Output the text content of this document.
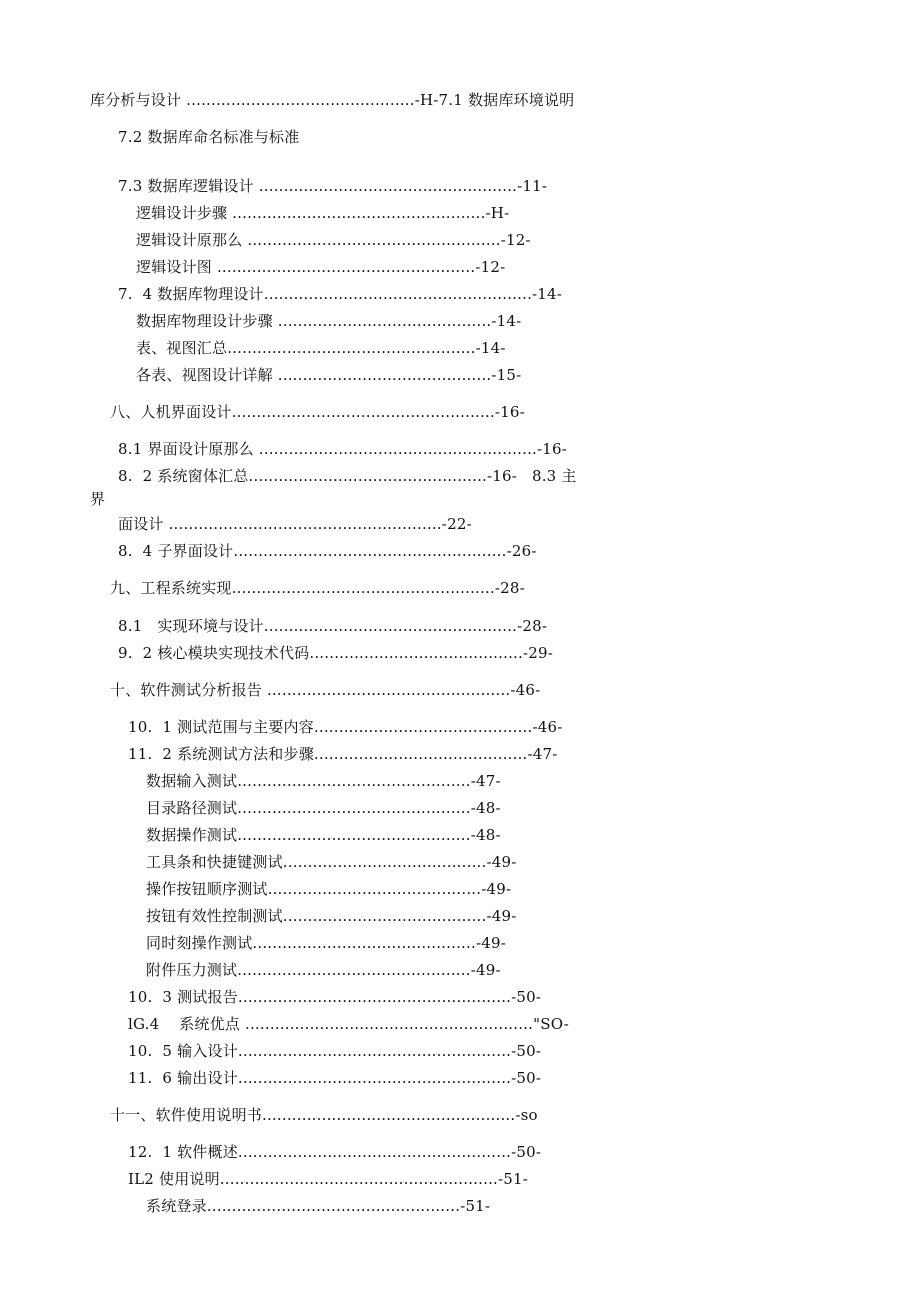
库分析与设计 ..............................................-H-7.1 数据库环境说明
7.2 数据库命名标准与标准
7.3 数据库逻辑设计 ....................................................-11-
逻辑设计步骤 ...................................................-H-
逻辑设计原那么 ...................................................-12-
逻辑设计图 ....................................................-12-
7.  4 数据库物理设计......................................................-14-
数据库物理设计步骤 ...........................................-14-
表、视图汇总..................................................-14-
各表、视图设计详解 ...........................................-15-
八、人机界面设计.....................................................-16-
8.1 界面设计原那么 ........................................................-16-
8.  2 系统窗体汇总................................................-16-   8.3 主
界
面设计 .......................................................-22-
8.  4 子界面设计.......................................................-26-
九、工程系统实现.....................................................-28-
8.1   实现环境与设计...................................................-28-
9.  2 核心模块实现技术代码...........................................-29-
十、软件测试分析报告 .................................................-46-
10.  1 测试范围与主要内容............................................-46-
11.  2 系统测试方法和步骤...........................................-47-
数据输入测试...............................................-47-
目录路径测试...............................................-48-
数据操作测试...............................................-48-
工具条和快捷键测试.........................................-49-
操作按钮顺序测试...........................................-49-
按钮有效性控制测试.........................................-49-
同时刻操作测试.............................................-49-
附件压力测试...............................................-49-
10.  3 测试报告.......................................................-50-
lG.4    系统优点 .........................................................."SO-
10.  5 输入设计.......................................................-50-
11.  6 输出设计.......................................................-50-
十一、软件使用说明书...................................................-so
12.  1 软件概述.......................................................-50-
IL2 使用说明........................................................-51-
系统登录...................................................-51-
